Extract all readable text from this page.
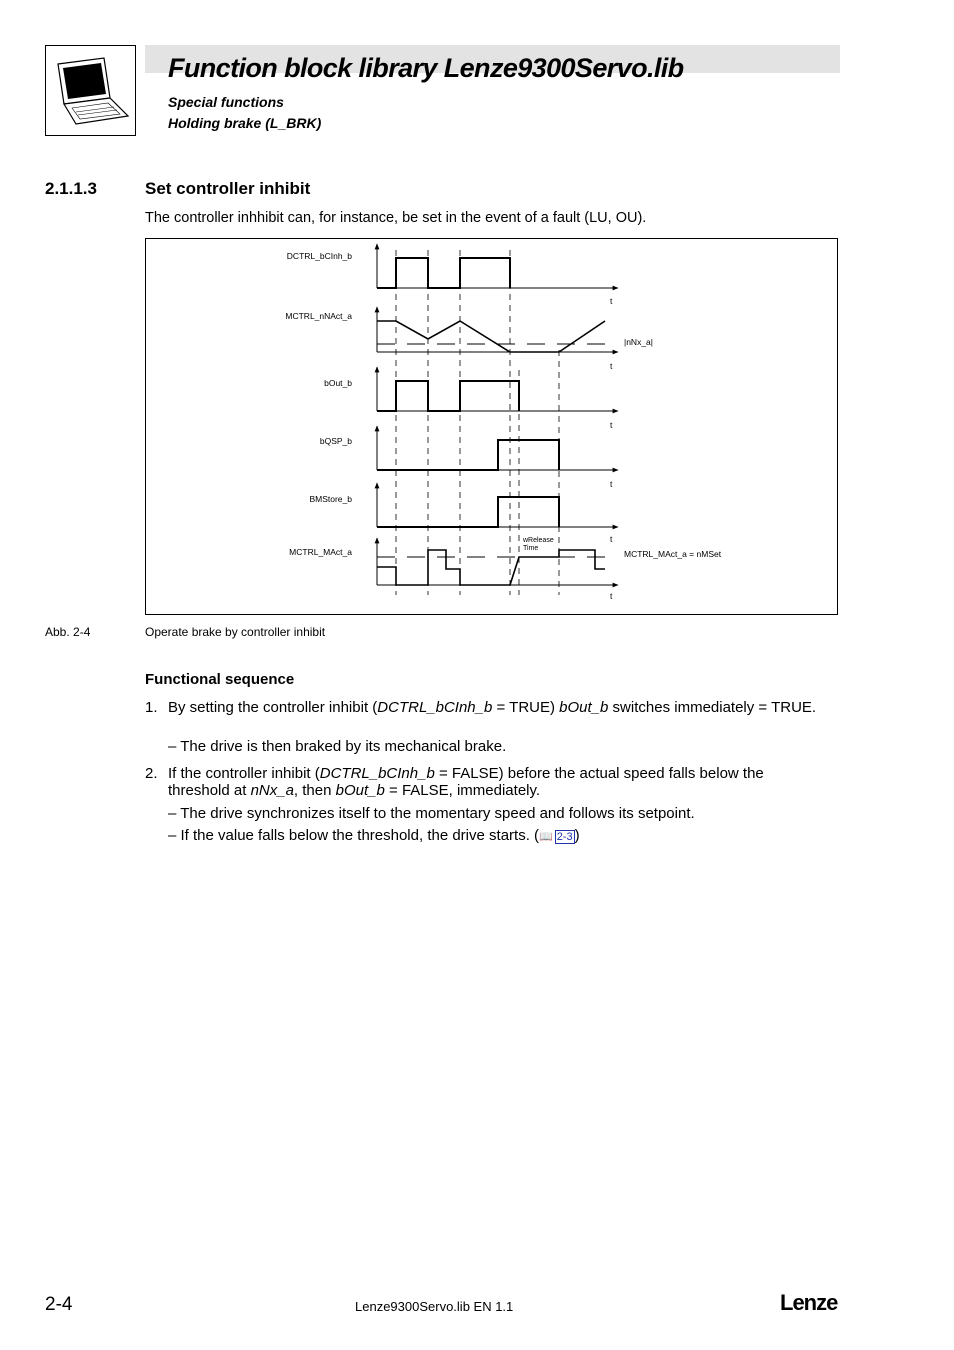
Function block library Lenze9300Servo.lib
Special functions
Holding brake (L_BRK)
2.1.1.3	Set controller inhibit
The controller inhhibit can, for instance, be set in the event of a fault (LU, OU).
DCTRL_bCInh_b
t
MCTRL_nNAct_a
|nNx_a|
t
bOut_b
t
bQSP_b
t
BMStore_b
t
MCTRL_MAct_a
wRelease
Time
MCTRL_MAct_a = nMSet
t
Abb. 2-4	Operate brake by controller inhibit
Functional sequence
1. By setting the controller inhibit (DCTRL_bCInh_b = TRUE) bOut_b switches immediately = TRUE.
– The drive is then braked by its mechanical brake.
2. If the controller inhibit (DCTRL_bCInh_b = FALSE) before the actual speed falls below the threshold at nNx_a, then bOut_b = FALSE, immediately.
– The drive synchronizes itself to the momentary speed and follows its setpoint.
– If the value falls below the threshold, the drive starts. (📖 2-3 )
2-4	Lenze9300Servo.lib EN 1.1	Lenze
